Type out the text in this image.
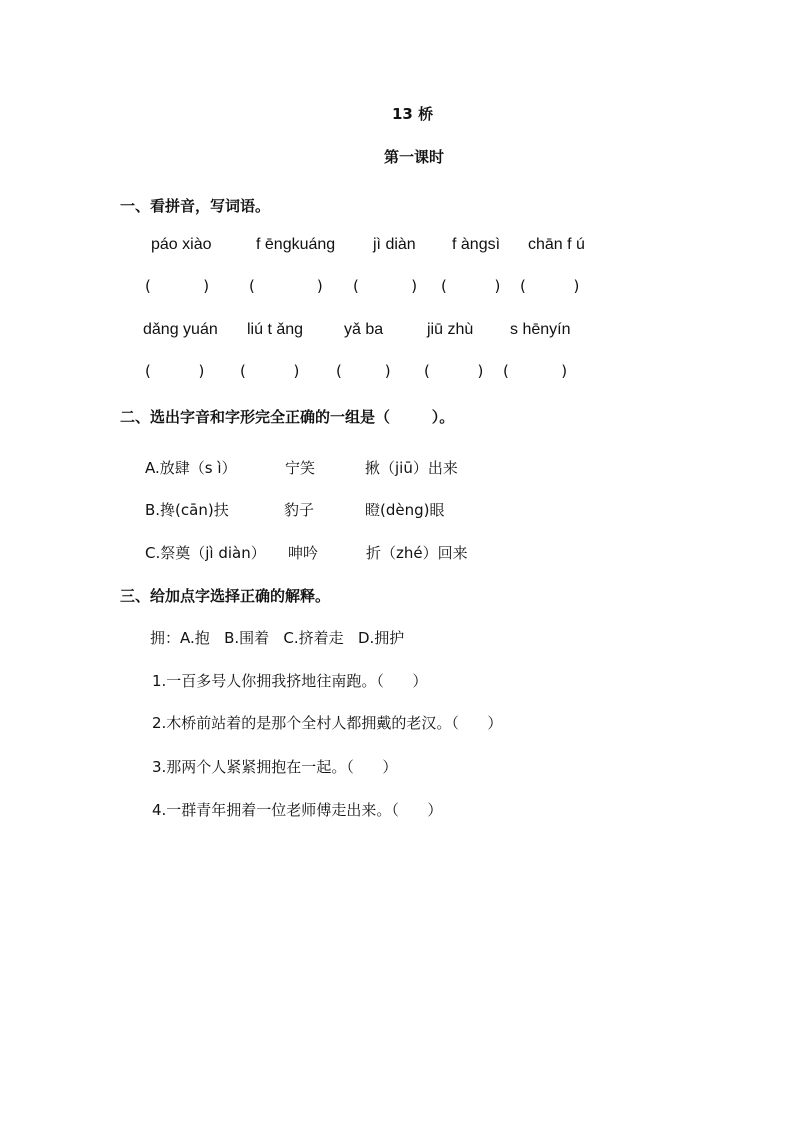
13 桥
第一课时
一、看拼音，写词语。
páo xiào	f ēngkuáng jì diàn f àngsì chān f ú
(           )	(             ) (           ) (          ) (          )
dǎng yuán liú t ǎng	yǎ ba	jiū zhù s hēnyín
(          ) (          ) (         ) (          ) (           )
二、选出字音和字形完全正确的一组是（        ）。
A.放肆（s ì）	宁笑	揪（jiū）出来
B.搀(cān)扶	豹子	瞪(dèng)眼
C.祭奠（jì diàn） 呻吟	折（zhé）回来
三、给加点字选择正确的解释。
拥：A.抱   B.围着   C.挤着走   D.拥护
1.一百多号人你拥我挤地往南跑。（      ）
2.木桥前站着的是那个全村人都拥戴的老汉。（      ）
3.那两个人紧紧拥抱在一起。（      ）
4.一群青年拥着一位老师傅走出来。（      ）
